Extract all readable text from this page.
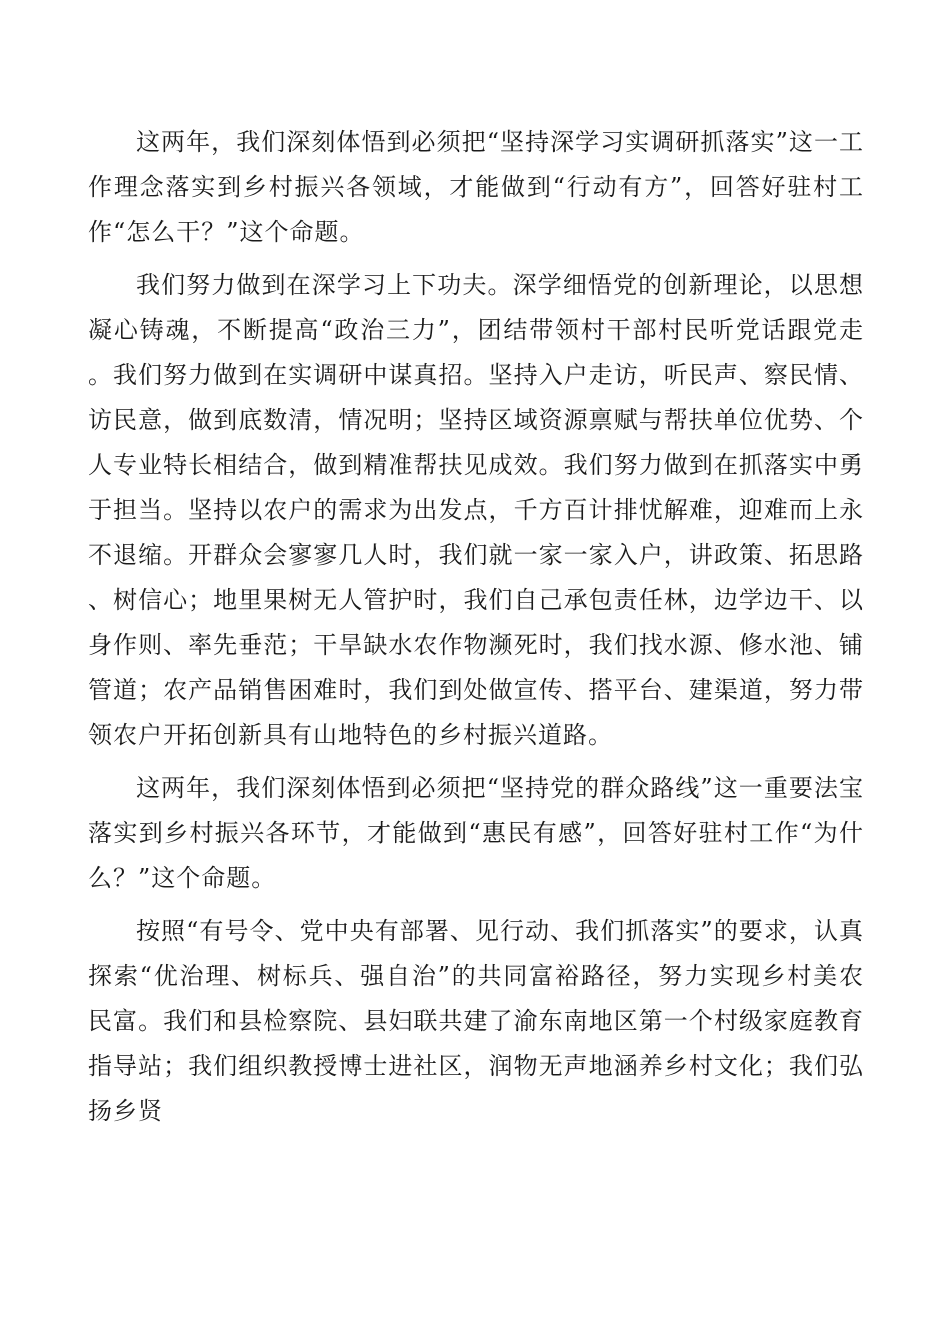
这两年，我们深刻体悟到必须把“坚持深学习实调研抓落实”这一工作理念落实到乡村振兴各领域，才能做到“行动有方”，回答好驻村工作“怎么干？”这个命题。

我们努力做到在深学习上下功夫。深学细悟党的创新理论，以思想凝心铸魂，不断提高“政治三力”，团结带领村干部村民听党话跟党走。我们努力做到在实调研中谋真招。坚持入户走访，听民声、察民情、访民意，做到底数清，情况明；坚持区域资源禀赋与帮扶单位优势、个人专业特长相结合，做到精准帮扶见成效。我们努力做到在抓落实中勇于担当。坚持以农户的需求为出发点，千方百计排忧解难，迎难而上永不退缩。开群众会寥寥几人时，我们就一家一家入户，讲政策、拓思路、树信心；地里果树无人管护时，我们自己承包责任林，边学边干、以身作则、率先垂范；干旱缺水农作物濒死时，我们找水源、修水池、铺管道；农产品销售困难时，我们到处做宣传、搭平台、建渠道，努力带领农户开拓创新具有山地特色的乡村振兴道路。

这两年，我们深刻体悟到必须把“坚持党的群众路线”这一重要法宝落实到乡村振兴各环节，才能做到“惠民有感”，回答好驻村工作“为什么？”这个命题。

按照“有号令、党中央有部署、见行动、我们抓落实”的要求，认真探索“优治理、树标兵、强自治”的共同富裕路径，努力实现乡村美农民富。我们和县检察院、县妇联共建了渝东南地区第一个村级家庭教育指导站；我们组织教授博士进社区，润物无声地涵养乡村文化；我们弘扬乡贤
